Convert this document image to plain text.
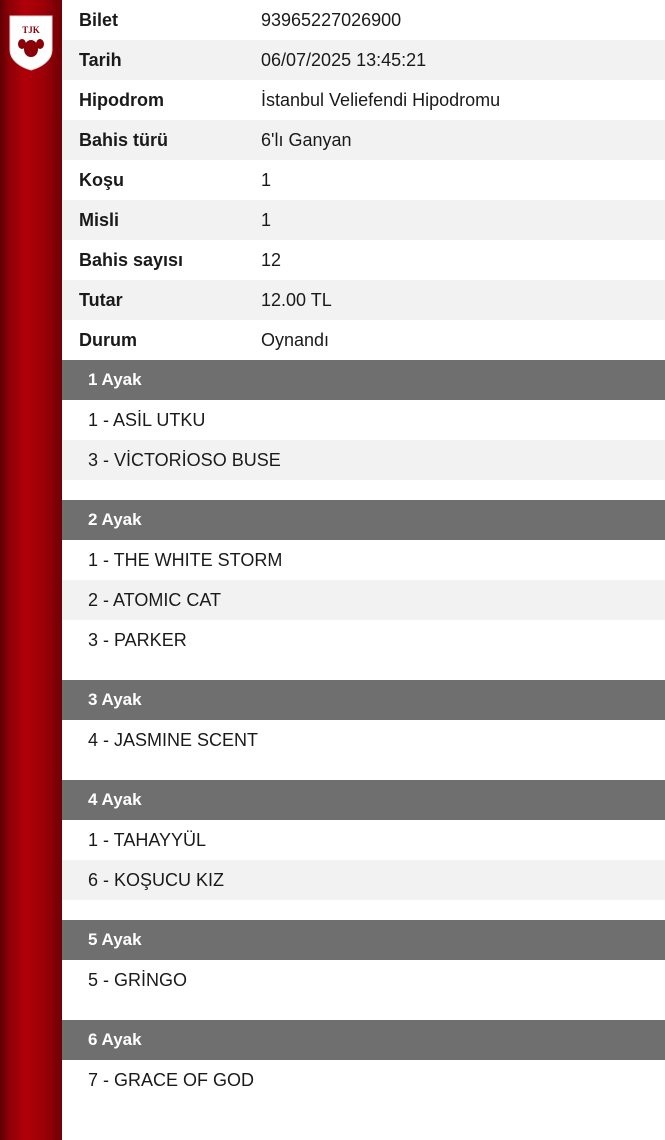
TJK
Bilet	93965227026900
Tarih	06/07/2025 13:45:21
Hipodrom	İstanbul Veliefendi Hipodromu
Bahis türü	6'lı Ganyan
Koşu	1
Misli	1
Bahis sayısı	12
Tutar	12.00 TL
Durum	Oynandı
1 Ayak
1 - ASİL UTKU
3 - VİCTORİOSO BUSE
2 Ayak
1 - THE WHITE STORM
2 - ATOMIC CAT
3 - PARKER
3 Ayak
4 - JASMINE SCENT
4 Ayak
1 - TAHAYYÜL
6 - KOŞUCU KIZ
5 Ayak
5 - GRİNGO
6 Ayak
7 - GRACE OF GOD
